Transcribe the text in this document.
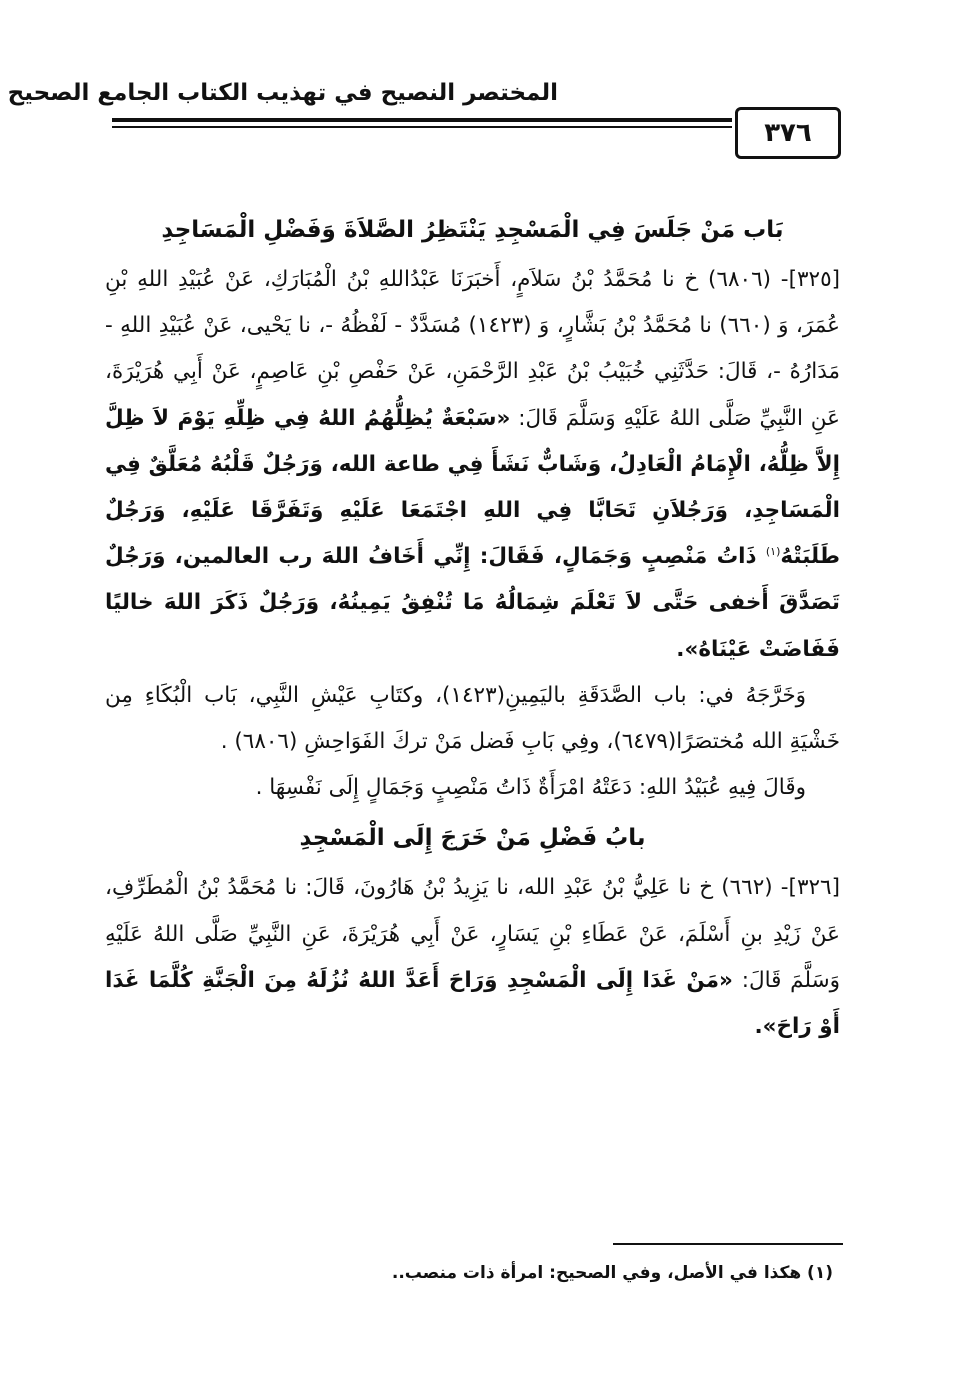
المختصر النصيح في تهذيب الكتاب الجامع الصحيح
٣٧٦

بَاب مَنْ جَلَسَ فِي الْمَسْجِدِ يَنْتَظِرُ الصَّلاَةَ وَفَضْلِ الْمَسَاجِدِ

[٣٢٥]- (٦٨٠٦) خ نا مُحَمَّدُ بْنُ سَلاَمٍ، أَخبَرَنَا عَبْدُاللهِ بْنُ الْمُبَارَكِ، عَنْ عُبَيْدِ اللهِ بْنِ عُمَرَ، وَ (٦٦٠) نا مُحَمَّدُ بْنُ بَشَّارٍ، وَ (١٤٢٣) مُسَدَّدٌ - لَفْظُهُ -، نا يَحْيى، عَنْ عُبَيْدِ اللهِ - مَدَارُهُ -، قَالَ: حَدَّثَنِي خُبَيْبُ بْنُ عَبْدِ الرَّحْمَنِ، عَنْ حَفْصِ بْنِ عَاصِمٍ، عَنْ أَبِي هُرَيْرَةَ، عَنِ النَّبِيِّ صَلَّى اللهُ عَلَيْهِ وَسَلَّمَ قَالَ: «سَبْعَةٌ يُظِلُّهُمُ اللهُ فِي ظِلِّهِ يَوْمَ لاَ ظِلَّ إِلاَّ ظِلُّهُ، الْإِمَامُ الْعَادِلُ، وَشَابٌّ نَشَأَ فِي طاعة الله، وَرَجُلٌ قَلْبُهُ مُعَلَّقٌ فِي الْمَسَاجِدِ، وَرَجُلاَنِ تَحَابَّا فِي اللهِ اجْتَمَعَا عَلَيْهِ وَتَفَرَّقَا عَلَيْهِ، وَرَجُلٌ طَلَبَتْهُ$^{(١)}$ ذَاتُ مَنْصِبٍ وَجَمَالٍ، فَقَالَ: إِنِّي أَخَافُ اللهَ رب العالمين، وَرَجُلٌ تَصَدَّقَ أَخفى حَتَّى لاَ تَعْلَمَ شِمَالُهُ مَا تُنْفِقُ يَمِينُهُ، وَرَجُلٌ ذَكَرَ اللهَ خاليًا فَفَاضَتْ عَيْنَاهُ».

وَخَرَّجَهُ في: باب الصَّدَقَةِ باليَمِينِ(١٤٢٣)، وكتَابِ عَيْشِ النَّبِي، بَاب الْبُكَاءِ مِن خَشْيَةِ الله مُختصَرًا(٦٤٧٩)، وفِي بَابِ فَضل مَنْ تركَ الفَوَاحِشِ (٦٨٠٦) .

وقَالَ فِيهِ عُبَيْدُ اللهِ: دَعَتْهُ امْرَأَةٌ ذَاتُ مَنْصِبٍ وَجَمَالٍ إِلَى نَفْسِهَا .

بابُ فَضْلِ مَنْ خَرَجَ إِلَى الْمَسْجِدِ

[٣٢٦]- (٦٦٢) خ نا عَلِيُّ بْنُ عَبْدِ الله، نا يَزِيدُ بْنُ هَارُونَ، قَالَ: نا مُحَمَّدُ بْنُ الْمُطَرِّفِ، عَنْ زَيْدِ بنِ أَسْلَمَ، عَنْ عَطَاءِ بْنِ يَسَارٍ، عَنْ أَبِي هُرَيْرَةَ، عَنِ النَّبِيِّ صَلَّى اللهُ عَلَيْهِ وَسَلَّمَ قَالَ: «مَنْ غَدَا إِلَى الْمَسْجِدِ وَرَاحَ أَعَدَّ اللهُ نُزُلَهُ مِنَ الْجَنَّةِ كُلَّمَا غَدَا أَوْ رَاحَ».

(١) هكذا في الأصل، وفي الصحيح: امرأة ذات منصب..
